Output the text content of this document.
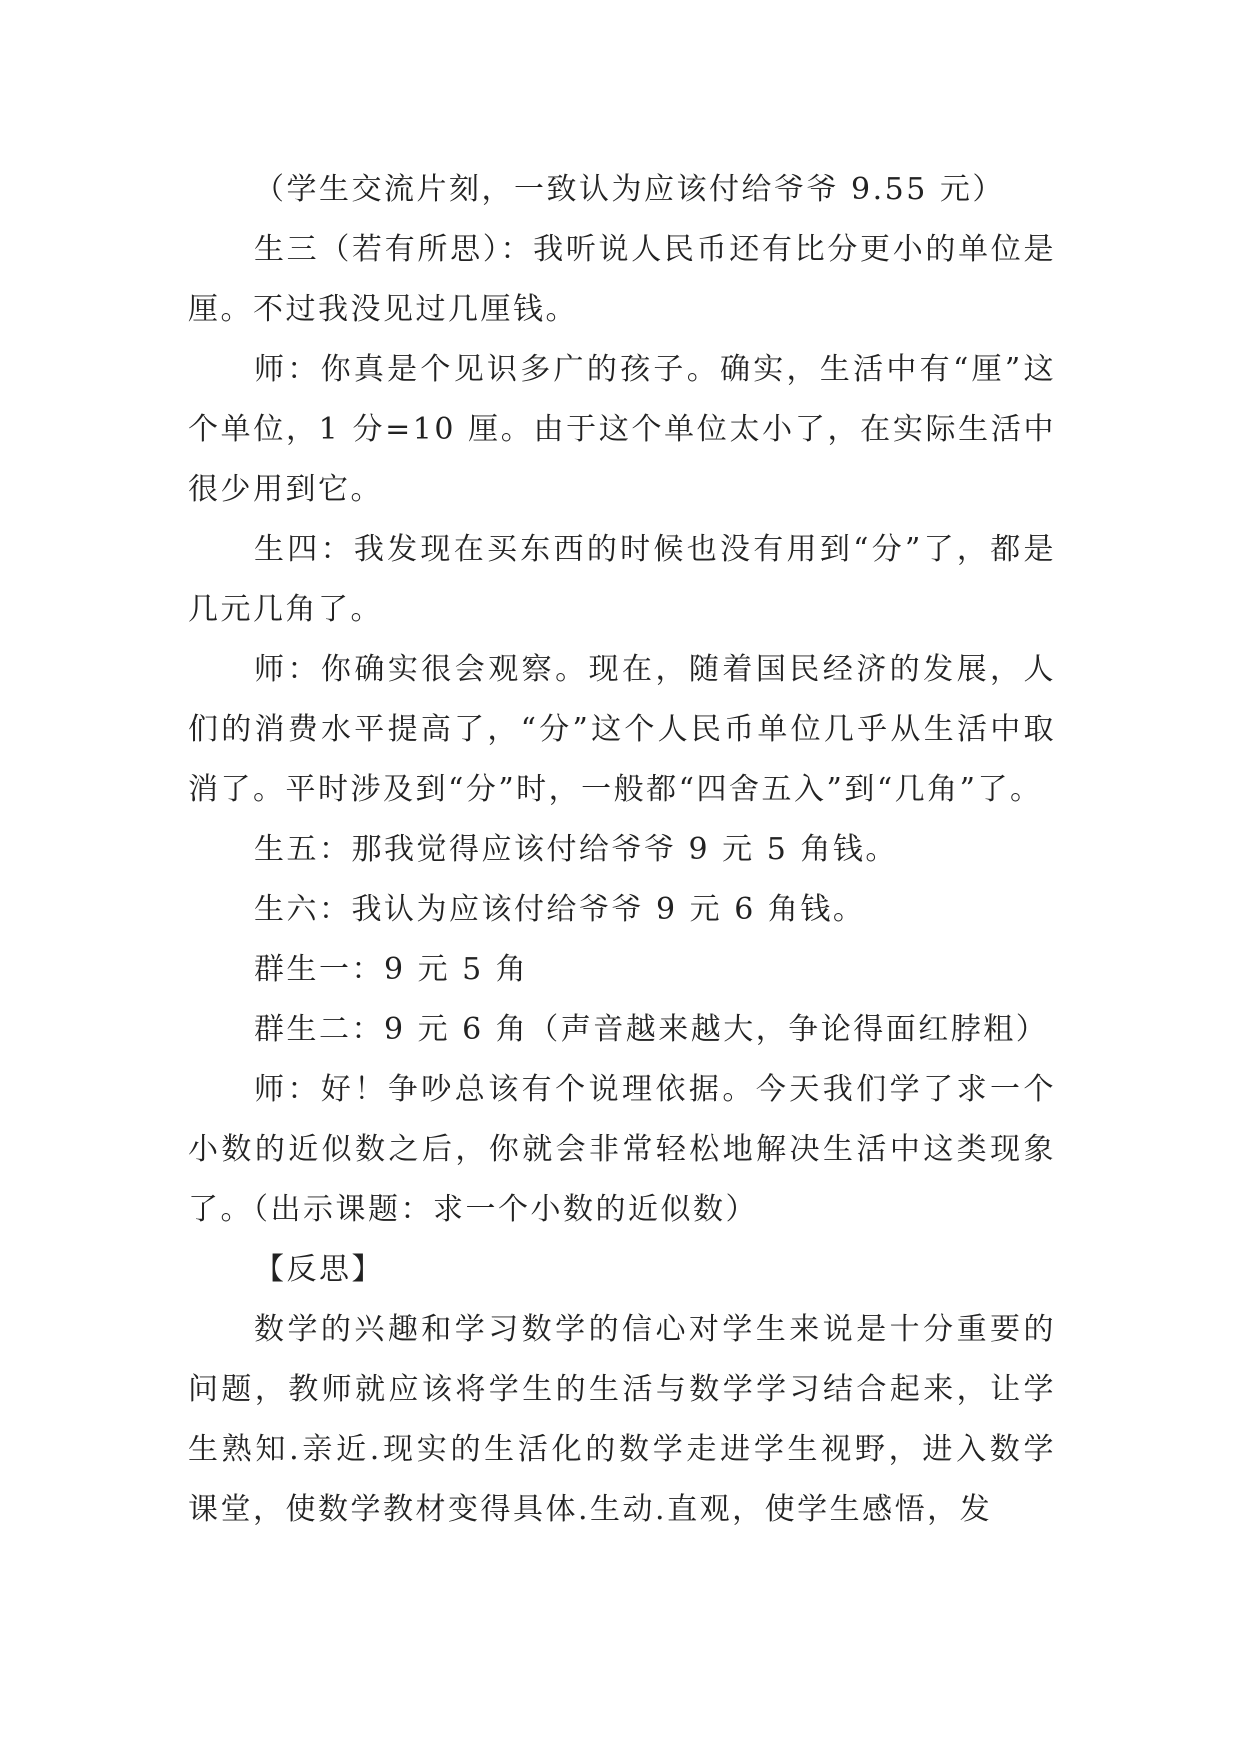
（学生交流片刻，一致认为应该付给爷爷 9.55 元）

生三（若有所思）：我听说人民币还有比分更小的单位是厘。不过我没见过几厘钱。

师：你真是个见识多广的孩子。确实，生活中有“厘”这个单位，1 分=10 厘。由于这个单位太小了，在实际生活中很少用到它。

生四：我发现在买东西的时候也没有用到“分”了，都是几元几角了。

师：你确实很会观察。现在，随着国民经济的发展，人们的消费水平提高了，“分”这个人民币单位几乎从生活中取消了。平时涉及到“分”时，一般都“四舍五入”到“几角”了。

生五：那我觉得应该付给爷爷 9 元 5 角钱。

生六：我认为应该付给爷爷 9 元 6 角钱。

群生一：9 元 5 角

群生二：9 元 6 角（声音越来越大，争论得面红脖粗）

师：好！争吵总该有个说理依据。今天我们学了求一个小数的近似数之后，你就会非常轻松地解决生活中这类现象了。（出示课题：求一个小数的近似数）

【反思】

数学的兴趣和学习数学的信心对学生来说是十分重要的问题，教师就应该将学生的生活与数学学习结合起来，让学生熟知.亲近.现实的生活化的数学走进学生视野，进入数学课堂，使数学教材变得具体.生动.直观，使学生感悟，发
